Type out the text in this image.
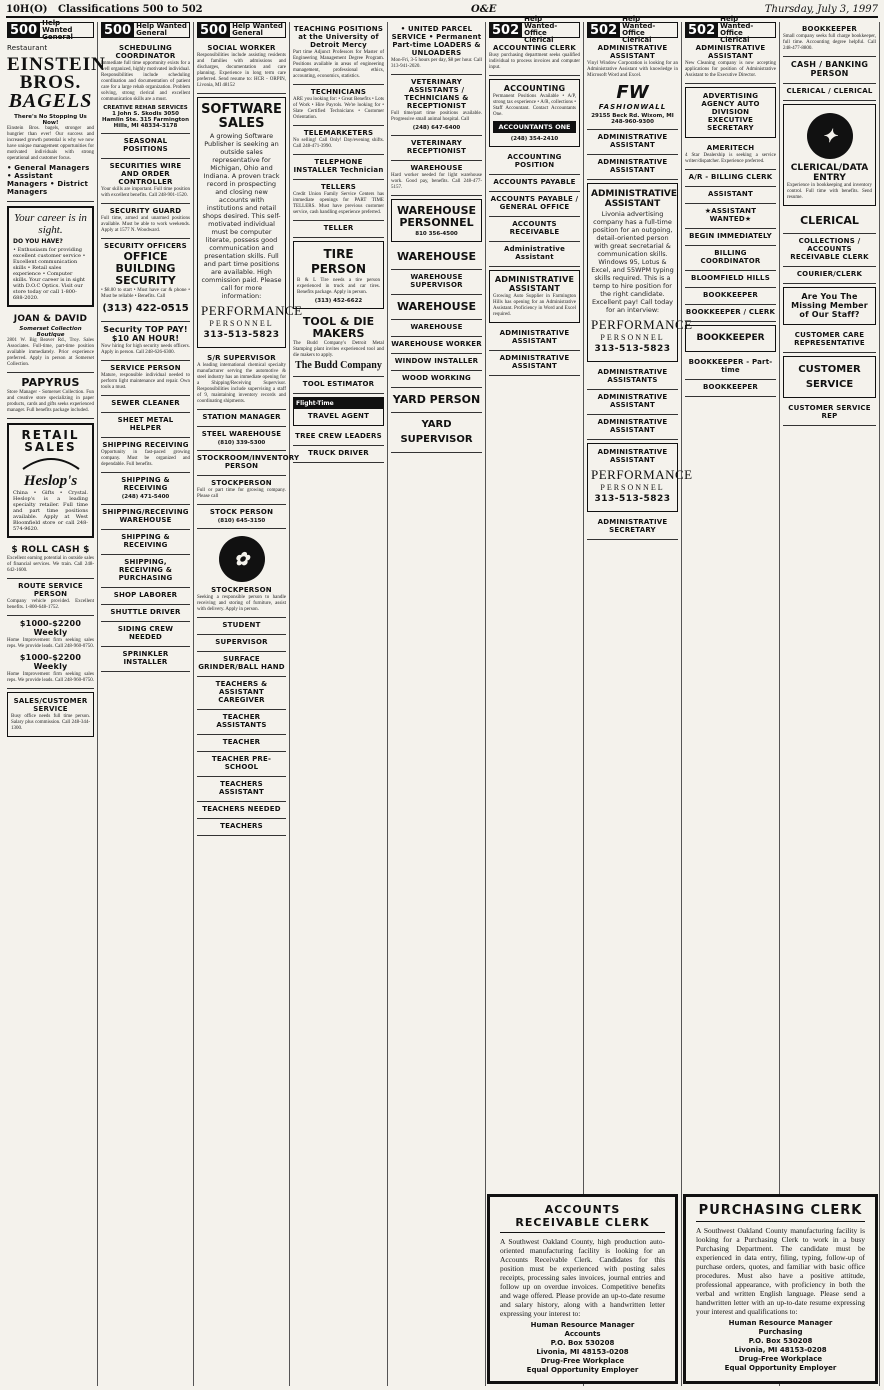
10H(O) Classifications 500 to 502	O&E	Thursday, July 3, 1997
500 Help Wanted General
Restaurant
EINSTEIN
BROS.
BAGELS
There's No Stopping Us Now!
Einstein Bros. bagels, stronger and hungrier than ever! Our success and increased growth potential is why we now have unique management opportunities for motivated individuals with strong operational and customer focus.
• General Managers • Assistant Managers • District Managers
Your career is in sight.
DO YOU HAVE?
• Enthusiasm for providing excellent customer service • Excellent communication skills • Retail sales experience • Computer skills. Your career is in sight with D.O.C Optics. Visit our store today or call 1-800-688-2020.
JOAN & DAVID
Somerset Collection Boutique
2801 W. Big Beaver Rd., Troy. Sales Associates. Full-time, part-time position available immediately. Prior experience preferred. Apply in person at Somerset Collection.
PAPYRUS
Store Manager - Somerset Collection. Fun and creative store specializing in paper products, cards and gifts seeks experienced manager. Full benefits package included.
RETAIL SALES
Heslop's
China • Gifts • Crystal. Heslop's is a leading specialty retailer. Full time and part time positions available. Apply at West Bloomfield store or call 248-574-9620.
$ ROLL CASH $
Excellent earning potential in outside sales of financial services. We train. Call 248-642-1600.
ROUTE SERVICE PERSON
Company vehicle provided. Excellent benefits. 1-800-648-1752.
$1000-$2200 Weekly
Home Improvement firm seeking sales reps. We provide leads. Call 248-960-0750.
$1000-$2200 Weekly
Home Improvement firm seeking sales reps. We provide leads. Call 248-960-0750.
SALES/CUSTOMER SERVICE
Busy office needs full time person. Salary plus commission. Call 248-344-1300.
500 Help Wanted General
SCHEDULING COORDINATOR
Immediate full time opportunity exists for a well organized, highly motivated individual. Responsibilities include scheduling coordination and documentation of patient care for a large rehab organization. Problem solving, strong clerical and excellent communication skills are a must.
CREATIVE REHAB SERVICES 1 John S. Skodis 3050 Hamlin Ste. 315 Farmington Hills, MI 48334-3178
SEASONAL POSITIONS
SECURITIES WIRE AND ORDER CONTROLLER
Your skills are important. Full time position with excellent benefits. Call 248-901-1520.
SECURITY GUARD
Full time, armed and unarmed positions available. Must be able to work weekends. Apply at 1577 N. Woodward.
SECURITY OFFICERS
OFFICE BUILDING SECURITY
• $8.00 to start • Must have car & phone • Must be reliable • Benefits. Call
(313) 422-0515
Security TOP PAY! $10 AN HOUR!
Now hiring for high security needs officers. Apply in person. Call 248-626-6300.
SERVICE PERSON
Mature, responsible individual needed to perform light maintenance and repair. Own tools a must.
SEWER CLEANER
SHEET METAL HELPER
SHIPPING RECEIVING
Opportunity in fast-paced growing company. Must be organized and dependable. Full benefits.
SHIPPING & RECEIVING
(248) 471-5400
SHIPPING/RECEIVING WAREHOUSE
SHIPPING & RECEIVING
SHIPPING, RECEIVING & PURCHASING
SHOP LABORER
SHUTTLE DRIVER
SIDING CREW NEEDED
SPRINKLER INSTALLER
500 Help Wanted General
SOCIAL WORKER
Responsibilities include assisting residents and families with admissions and discharges, documentation and care planning. Experience in long term care preferred. Send resume to: HCR - ORPIN, Livonia, MI 48152
SOFTWARE SALES
A growing Software Publisher is seeking an outside sales representative for Michigan, Ohio and Indiana. A proven track record in prospecting and closing new accounts with institutions and retail shops desired. This self-motivated individual must be computer literate, possess good communication and presentation skills. Full and part time positions are available. High commission paid. Please call for more information:
PERFORMANCE
PERSONNEL
313-513-5823
S/R SUPERVISOR
A leading international chemical specialty manufacturer serving the automotive & steel industry has an immediate opening for a Shipping/Receiving Supervisor. Responsibilities include supervising a staff of 9, maintaining inventory records and coordinating shipments.
STATION MANAGER
STEEL WAREHOUSE
(810) 339-5300
STOCKROOM/INVENTORY PERSON
STOCKPERSON
Full or part time for growing company. Please call
STOCK PERSON
(810) 645-3150
✿
STOCKPERSON
Seeking a responsible person to handle receiving and storing of furniture, assist with delivery. Apply in person.
STUDENT
SUPERVISOR
SURFACE GRINDER/BALL HAND
TEACHERS & ASSISTANT CAREGIVER
TEACHER ASSISTANTS
TEACHER
TEACHER PRE-SCHOOL
TEACHERS ASSISTANT
TEACHERS NEEDED
TEACHERS
TEACHING POSITIONS at the University of Detroit Mercy
Part time Adjunct Professors for Master of Engineering Management Degree Program. Positions available in areas of engineering management, professional ethics, accounting, economics, statistics.
TECHNICIANS
ARE you looking for: • Great Benefits • Lots of Work • Hire Payrols. We're looking for • Slate Certified Technicians • Customer Orientation.
TELEMARKETERS
No selling! Call Only! Day/evening shifts. Call 248-471-3990.
TELEPHONE INSTALLER Technician
TELLERS
Credit Union Family Service Centers has immediate openings for PART TIME TELLERS. Must have previous customer service, cash handling experience preferred.
TELLER
TIRE PERSON
B & L Tire needs a tire person experienced in truck and car tires. Benefits package. Apply in person.
(313) 452-6622
TOOL & DIE MAKERS
The Budd Company's Detroit Metal Stamping plant invites experienced tool and die makers to apply.
The Budd Company
TOOL ESTIMATOR
Flight-Time
TRAVEL AGENT
TREE CREW LEADERS
TRUCK DRIVER
• UNITED PARCEL SERVICE • Permanent Part-time LOADERS & UNLOADERS
Mon-Fri, 3-5 hours per day, $8 per hour. Call 313-941-2020.
VETERINARY ASSISTANTS / TECHNICIANS & RECEPTIONIST
Full time/part time positions available. Progressive small animal hospital. Call
(248) 647-6400
VETERINARY RECEPTIONIST
WAREHOUSE
Hard worker needed for light warehouse work. Good pay, benefits. Call 248-477-5157.
WAREHOUSE PERSONNEL
810 356-4500
WAREHOUSE
WAREHOUSE SUPERVISOR
WAREHOUSE
WAREHOUSE
WAREHOUSE WORKER
WINDOW INSTALLER
WOOD WORKING
YARD PERSON
YARD SUPERVISOR
502
Help Wanted- Office Clerical
ACCOUNTING CLERK
Busy purchasing department seeks qualified individual to process invoices and computer input.
ACCOUNTING
Permanent Positions Available • A/P, strong tax experience • A/R, collections • Staff Accountant. Contact Accountants One.
ACCOUNTANTS ONE
(248) 354-2410
ACCOUNTING POSITION
ACCOUNTS PAYABLE
ACCOUNTS PAYABLE / GENERAL OFFICE
ACCOUNTS RECEIVABLE
Administrative Assistant
ADMINISTRATIVE ASSISTANT
Growing Auto Supplier in Farmington Hills has opening for an Administrative Assistant. Proficiency in Word and Excel required.
ADMINISTRATIVE ASSISTANT
ADMINISTRATIVE ASSISTANT
502
Help Wanted- Office Clerical
ADMINISTRATIVE ASSISTANT
Vinyl Window Corporation is looking for an Administrative Assistant with knowledge in Microsoft Word and Excel.
FW
FASHIONWALL
29155 Beck Rd. Wixom, MI 248-960-9300
ADMINISTRATIVE ASSISTANT
ADMINISTRATIVE ASSISTANT
ADMINISTRATIVE ASSISTANT
Livonia advertising company has a full-time position for an outgoing, detail-oriented person with great secretarial & communication skills. Windows 95, Lotus & Excel, and 55WPM typing skills required. This is a temp to hire position for the right candidate. Excellent pay! Call today for an interview:
PERFORMANCE
PERSONNEL
313-513-5823
ADMINISTRATIVE ASSISTANTS
ADMINISTRATIVE ASSISTANT
ADMINISTRATIVE ASSISTANT
ADMINISTRATIVE ASSISTANT
PERFORMANCE
PERSONNEL
313-513-5823
ADMINISTRATIVE SECRETARY
502
Help Wanted- Office Clerical
ADMINISTRATIVE ASSISTANT
New Cleaning company is now accepting applications for position of Administrative Assistant to the Executive Director.
ADVERTISING AGENCY AUTO DIVISION EXECUTIVE SECRETARY
AMERITECH
4 Star Dealership is seeking a service writer/dispatcher. Experience preferred.
A/R - BILLING CLERK
ASSISTANT
★ASSISTANT WANTED★
BEGIN IMMEDIATELY
BILLING COORDINATOR
BLOOMFIELD HILLS
BOOKKEEPER
BOOKKEEPER / CLERK
BOOKKEEPER
BOOKKEEPER - Part-time
BOOKKEEPER
BOOKKEEPER
Small company seeks full charge bookkeeper, full time. Accounting degree helpful. Call 248-477-8800.
CASH / BANKING PERSON
CLERICAL / CLERICAL
✦
CLERICAL/DATA ENTRY
Experience in bookkeeping and inventory control. Full time with benefits. Send resume.
CLERICAL
COLLECTIONS / ACCOUNTS RECEIVABLE CLERK
COURIER/CLERK
Are You The Missing Member of Our Staff?
CUSTOMER CARE REPRESENTATIVE
CUSTOMER SERVICE
CUSTOMER SERVICE REP
ACCOUNTS RECEIVABLE CLERK
A Southwest Oakland County, high production auto-oriented manufacturing facility is looking for an Accounts Receivable Clerk. Candidates for this position must be experienced with posting sales receipts, processing sales invoices, journal entries and follow up on overdue invoices. Competitive benefits and wage offered. Please provide an up-to-date resume and salary history, along with a handwritten letter expressing your interest to:
Human Resource Manager
Accounts
P.O. Box 530208
Livonia, MI 48153-0208
Drug-Free Workplace
Equal Opportunity Employer
PURCHASING CLERK
A Southwest Oakland County manufacturing facility is looking for a Purchasing Clerk to work in a busy Purchasing Department. The candidate must be experienced in data entry, filing, typing, follow-up of purchase orders, quotes, and familiar with basic office procedures. Must also have a positive attitude, professional appearance, with proficiency in both the verbal and written English language. Please send a handwritten letter with an up-to-date resume expressing your interest and qualifications to:
Human Resource Manager
Purchasing
P.O. Box 530208
Livonia, MI 48153-0208
Drug-Free Workplace
Equal Opportunity Employer
